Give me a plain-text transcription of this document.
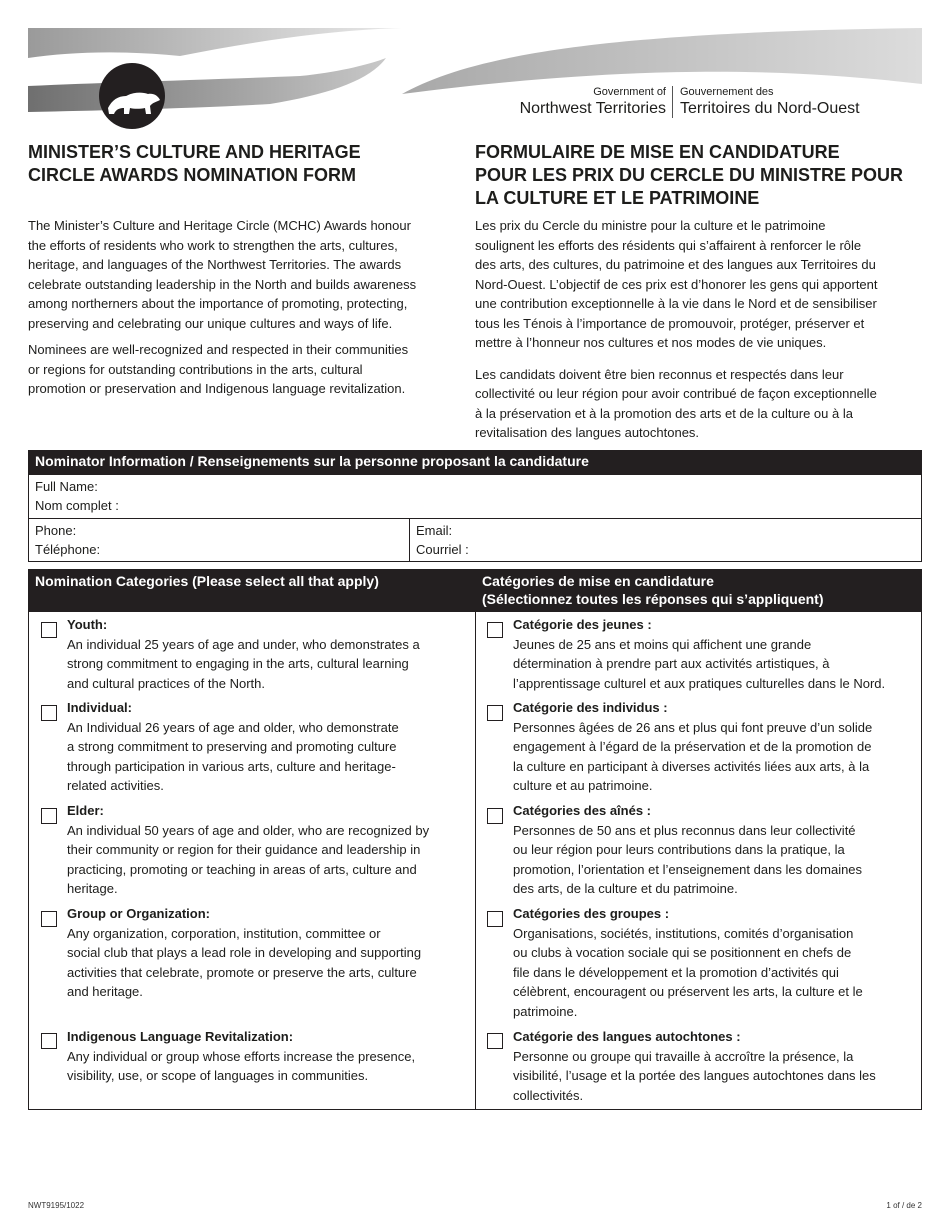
Government of
Northwest Territories
Gouvernement des
Territoires du Nord-Ouest
MINISTER’S CULTURE AND HERITAGE
CIRCLE AWARDS NOMINATION FORM
FORMULAIRE DE MISE EN CANDIDATURE
POUR LES PRIX DU CERCLE DU MINISTRE POUR
LA CULTURE ET LE PATRIMOINE

The Minister’s Culture and Heritage Circle (MCHC) Awards honour
the efforts of residents who work to strengthen the arts, cultures,
heritage, and languages of the Northwest Territories. The awards
celebrate outstanding leadership in the North and builds awareness
among northerners about the importance of promoting, protecting,
preserving and celebrating our unique cultures and ways of life.

Nominees are well-recognized and respected in their communities
or regions for outstanding contributions in the arts, cultural
promotion or preservation and Indigenous language revitalization.

Les prix du Cercle du ministre pour la culture et le patrimoine
soulignent les efforts des résidents qui s’affairent à renforcer le rôle
des arts, des cultures, du patrimoine et des langues aux Territoires du
Nord-Ouest. L’objectif de ces prix est d’honorer les gens qui apportent
une contribution exceptionnelle à la vie dans le Nord et de sensibiliser
tous les Ténois à l’importance de promouvoir, protéger, préserver et
mettre à l’honneur nos cultures et nos modes de vie uniques.

Les candidats doivent être bien reconnus et respectés dans leur
collectivité ou leur région pour avoir contribué de façon exceptionnelle
à la préservation et à la promotion des arts et de la culture ou à la
revitalisation des langues autochtones.

Nominator Information / Renseignements sur la personne proposant la candidature
Full Name:
Nom complet :
Phone:
Téléphone:
Email:
Courriel :
Nomination Categories (Please select all that apply)	Catégories de mise en candidature
(Sélectionnez toutes les réponses qui s’appliquent)
Youth:
An individual 25 years of age and under, who demonstrates a
strong commitment to engaging in the arts, cultural learning
and cultural practices of the North.
Individual:
An Individual 26 years of age and older, who demonstrate
a strong commitment to preserving and promoting culture
through participation in various arts, culture and heritage-
related activities.
Elder:
An individual 50 years of age and older, who are recognized by
their community or region for their guidance and leadership in
practicing, promoting or teaching in areas of arts, culture and
heritage.
Group or Organization:
Any organization, corporation, institution, committee or
social club that plays a lead role in developing and supporting
activities that celebrate, promote or preserve the arts, culture
and heritage.
Indigenous Language Revitalization:
Any individual or group whose efforts increase the presence,
visibility, use, or scope of languages in communities.
Catégorie des jeunes :
Jeunes de 25 ans et moins qui affichent une grande
détermination à prendre part aux activités artistiques, à
l’apprentissage culturel et aux pratiques culturelles dans le Nord.
Catégorie des individus :
Personnes âgées de 26 ans et plus qui font preuve d’un solide
engagement à l’égard de la préservation et de la promotion de
la culture en participant à diverses activités liées aux arts, à la
culture et au patrimoine.
Catégories des aînés :
Personnes de 50 ans et plus reconnus dans leur collectivité
ou leur région pour leurs contributions dans la pratique, la
promotion, l’orientation et l’enseignement dans les domaines
des arts, de la culture et du patrimoine.
Catégories des groupes :
Organisations, sociétés, institutions, comités d’organisation
ou clubs à vocation sociale qui se positionnent en chefs de
file dans le développement et la promotion d’activités qui
célèbrent, encouragent ou préservent les arts, la culture et le
patrimoine.
Catégorie des langues autochtones :
Personne ou groupe qui travaille à accroître la présence, la
visibilité, l’usage et la portée des langues autochtones dans les
collectivités.
NWT9195/1022	1 of / de 2
